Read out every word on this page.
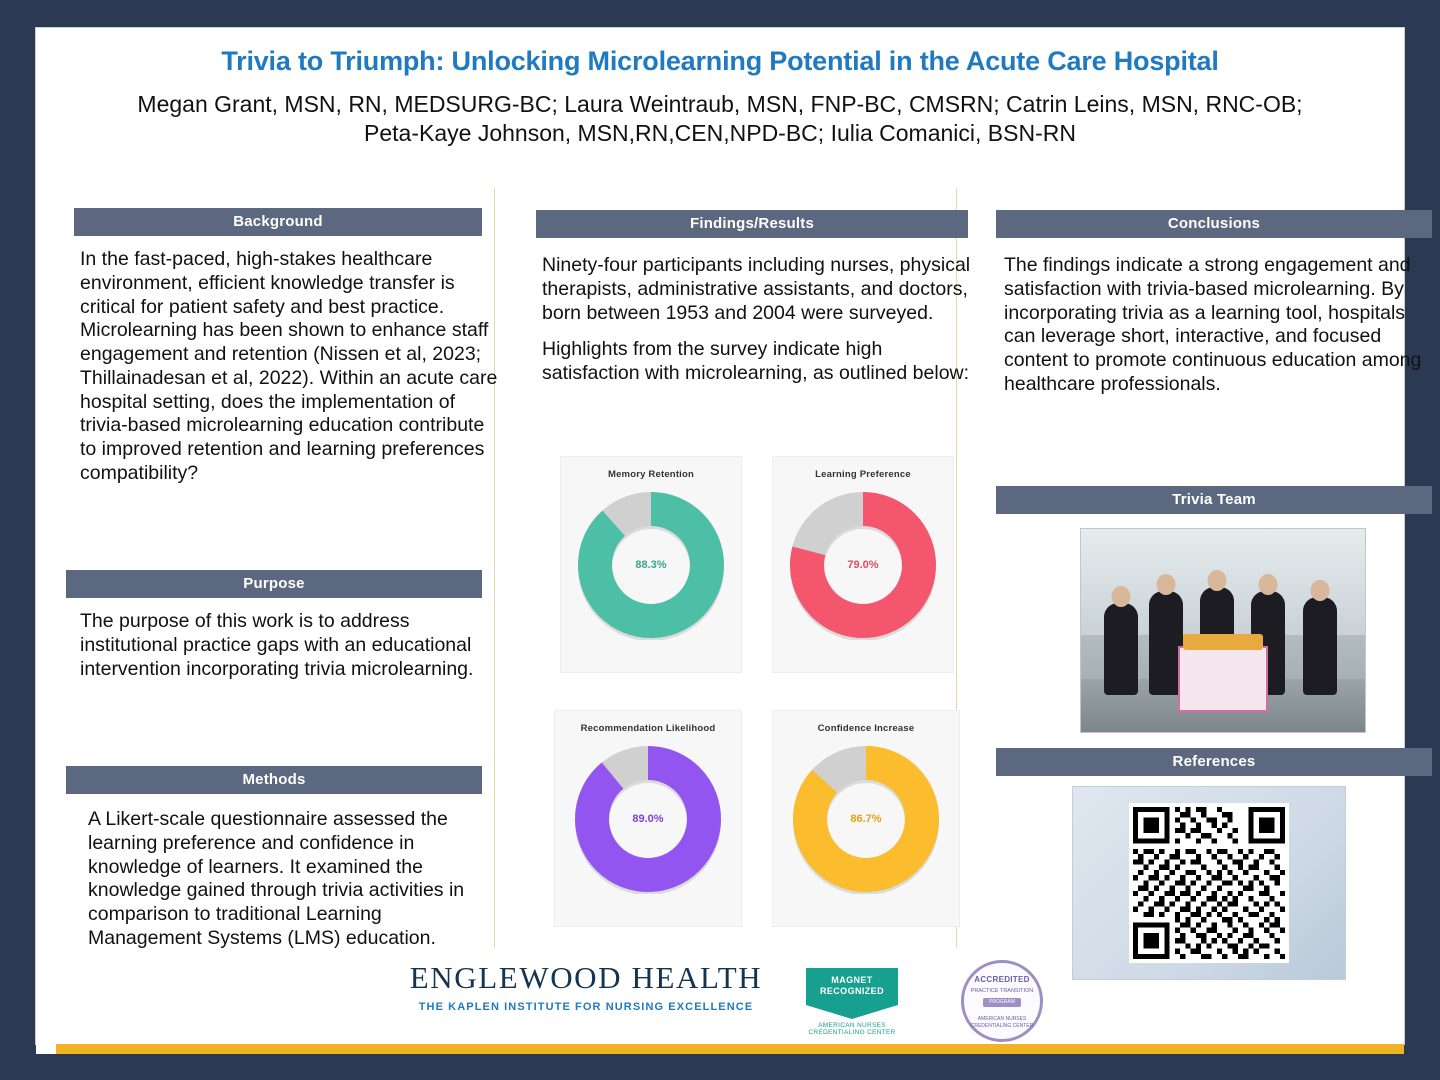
Trivia to Triumph: Unlocking Microlearning Potential in the Acute Care Hospital
Megan Grant, MSN, RN, MEDSURG-BC; Laura Weintraub, MSN, FNP-BC, CMSRN; Catrin Leins, MSN, RNC-OB;
Peta-Kaye Johnson, MSN,RN,CEN,NPD-BC; Iulia Comanici, BSN-RN
Background
In the fast-paced, high-stakes healthcare environment, efficient knowledge transfer is critical for patient safety and best practice. Microlearning has been shown to enhance staff engagement and retention (Nissen et al, 2023; Thillainadesan et al, 2022). Within an acute care hospital setting, does the implementation of trivia-based microlearning education contribute to improved retention and learning preferences compatibility?
Purpose
The purpose of this work is to address institutional practice gaps with an educational intervention incorporating trivia microlearning.
Methods
A Likert-scale questionnaire assessed the learning preference and confidence in knowledge of learners. It examined the knowledge gained through trivia activities in comparison to traditional Learning Management Systems (LMS) education.
Findings/Results

Ninety-four participants including nurses, physical therapists, administrative assistants, and doctors, born between 1953 and 2004 were surveyed.

Highlights from the survey indicate high satisfaction with microlearning, as outlined below:

Memory Retention
88.3%
Learning Preference
79.0%
Recommendation Likelihood
89.0%
Confidence Increase
86.7%
Conclusions
The findings indicate a strong engagement and satisfaction with trivia-based microlearning. By incorporating trivia as a learning tool, hospitals can leverage short, interactive, and focused content to promote continuous education among healthcare professionals.
Trivia Team
References
ENGLEWOOD HEALTH
THE KAPLEN INSTITUTE FOR NURSING EXCELLENCE
MAGNET
RECOGNIZED
AMERICAN NURSES CREDENTIALING CENTER
ACCREDITED
PRACTICE TRANSITION
PROGRAM
AMERICAN NURSES CREDENTIALING CENTER
